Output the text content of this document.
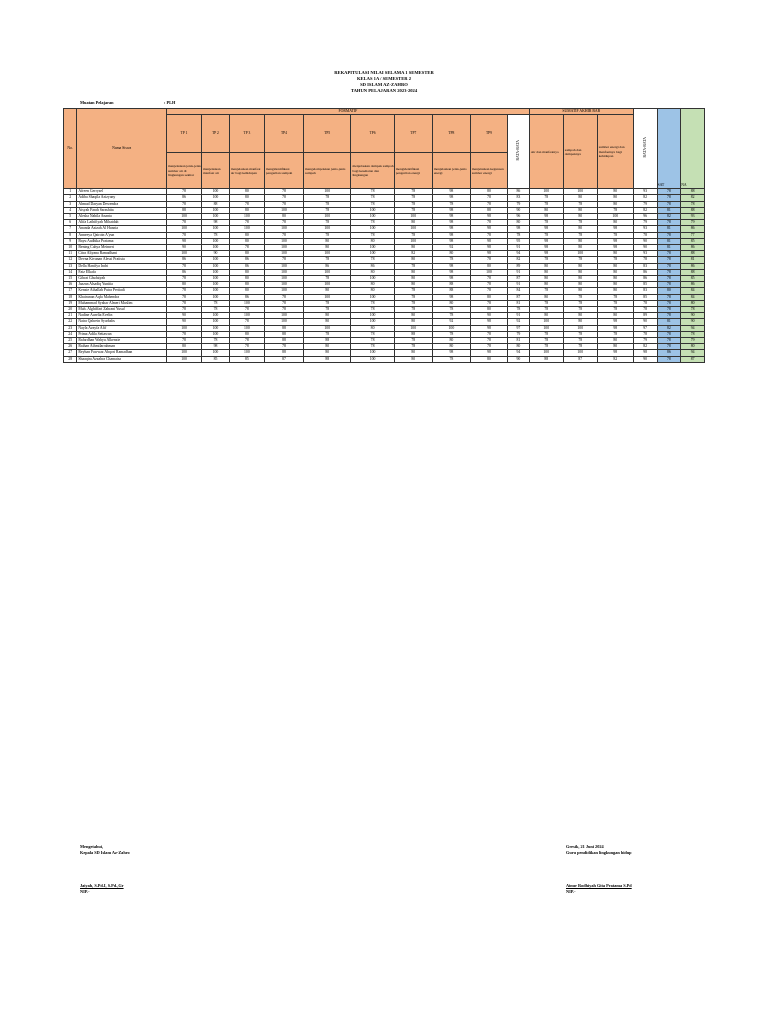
REKAPITULASI NILAI SELAMA 1 SEMESTER
KELAS 1A / SEMESTER 2
SD ISLAM AZ-ZAHRO
TAHUN PELAJARAN 2023-2024
Muatan Pelajaran	: PLH
No.	Nama Siswa	FORMATIF										SUMATIF AKHIR BAB			RATA-RATA	SAT	NA
		TP 1	TP 2	TP 3	TP4	TP5	TP6	TP7	TP8	TP9	RATA-RATA	Air dan manfaatnya	sampah dan dampaknya	sumber energi dan manfaatnya bagi kehidupan			
		menjelaskan jenis-jenis sumber air di lingkungan sekitar	menjelaskan manfaat air	menjelaskan manfaat air bagi kehidupan	mengidentifikasi pengertian sampah	mengelompokkan jenis-jenis sampah	menjelaskan dampak sampah bagi kesehatan dan lingkungan	mengidentifikasi pengertian energi	menjelaskan jenis-jenis energi	menjelaskan kegunaan sumber energi							
1	Afreen Gerryzel	78	100	80	78	100	78	78	98	80	86	100	100	80	93	78	88
2	Adiba Shaqila Azizyany	86	100	80	78	78	78	78	98	78	83	78	80	80	82	78	82
3	Ahmad Daryan Dewendra	78	88	78	78	78	78	78	78	78	79	78	78	80	79	78	78
4	Aisyah Farah Sarashita	88	100	80	100	78	100	78	98	88	90	80	80	78	82	81	88
5	Alesha Nabila Ananta	100	100	100	80	100	100	100	98	98	96	98	80	100	96	82	93
6	Alifa Lathifiyah Mihatdah	78	98	78	78	78	78	80	98	78	80	78	78	80	79	78	79
7	Ananda Azizah Al Husnia	100	100	100	100	100	100	100	98	98	98	98	80	98	93	81	86
8	Anneeya Qairoin A'yun	78	78	80	78	78	78	78	98	78	78	78	78	78	78	78	77
9	Bayu Aadhika Pratama	98	100	80	100	80	80	100	98	98	95	98	80	98	90	81	85
10	Bening Cahya Meimeri	90	100	78	100	80	100	80	92	98	91	98	80	98	90	81	86
11	Citra Aliyana Ramadhani	100	90	80	100	100	100	82	80	98	94	98	100	80	93	78	88
12	Devna Kivanan Alessi Pratista	86	100	86	78	78	78	80	78	78	82	78	78	78	78	78	81
13	Della Hanifya Indri	78	100	86	100	86	86	78	98	80	89	80	80	80	83	78	86
14	Faiz Elkafa	86	100	80	100	100	80	80	98	100	91	80	80	80	86	78	88
15	Gibrat Ghufaiyah	78	100	80	100	78	100	80	98	78	87	80	80	80	86	78	85
16	Jazzan Alsadiq Yunitia	80	100	80	100	100	80	80	88	78	91	80	80	80	85	78	86
17	Kenzie Athallah Putra Pertiadi	78	100	80	100	80	80	78	88	78	84	78	80	80	83	80	84
18	Khairunan Aqfa Mahendra	78	100	86	78	100	100	78	98	80	87	80	78	78	85	78	84
19	Muhammad Syahar Almeri Muslim	78	78	100	78	78	78	78	80	78	81	78	78	78	78	78	80
20	Muh. Alghiffari Zahrani Yusuf	78	78	78	78	78	78	78	78	80	78	78	78	78	78	78	78
21	Nadine Aurelia Evelin	90	100	100	100	80	100	80	78	90	91	80	80	80	89	78	90
22	Naira Qahrein Syarbabs	90	100	78	100	80	100	80	92	98	92	100	80	98	90	81	90
23	Nayla Azzyfa Afif	100	100	100	88	100	80	100	100	98	97	100	100	98	97	82	94
24	Prima Adila Setiawan	78	100	80	88	78	78	88	78	78	79	78	78	78	78	78	78
25	Rafardhan Wahyu Alkenzie	78	78	78	88	88	78	78	80	78	81	78	78	80	79	78	79
26	Raihan Athmilarrahman	80	98	78	78	80	78	78	80	78	80	78	78	80	82	78	80
27	Reyhan Fawwaz Abqori Ramadhan	100	100	100	88	80	100	80	98	98	94	100	100	98	98	86	94
28	Shaaqira Azzahra Chamaisa	100	85	85	87	88	100	80	78	80	90	88	87	82	90	78	87
Mengetahui,
Kepala SD Islam Az-Zahro
Jaiyah, S.Pd.I, S.Pd.,Gr
NIP.-
Gresik, 21 Juni 2024
Guru pendidikan lingkungan hidup
Ainur Rodhiyah Gita Pratama S.Pd
NIP.-
